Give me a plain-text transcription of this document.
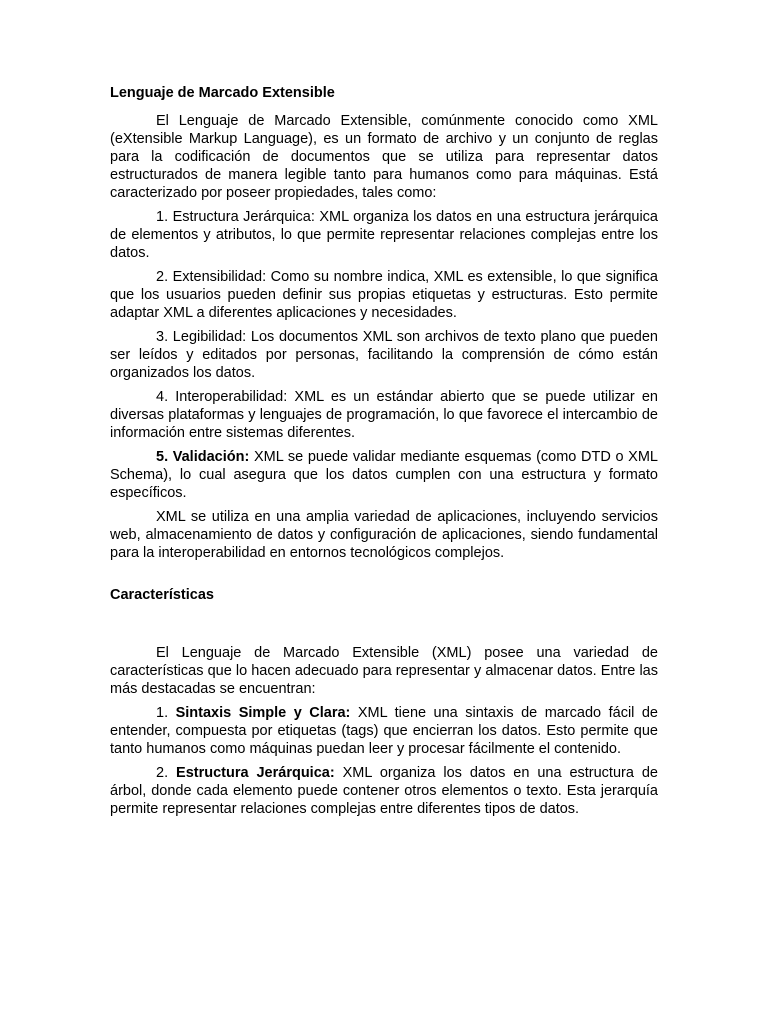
Lenguaje de Marcado Extensible

El Lenguaje de Marcado Extensible, comúnmente conocido como XML (eXtensible Markup Language), es un formato de archivo y un conjunto de reglas para la codificación de documentos que se utiliza para representar datos estructurados de manera legible tanto para humanos como para máquinas. Está caracterizado por poseer propiedades, tales como:

1. Estructura Jerárquica: XML organiza los datos en una estructura jerárquica de elementos y atributos, lo que permite representar relaciones complejas entre los datos.

2. Extensibilidad: Como su nombre indica, XML es extensible, lo que significa que los usuarios pueden definir sus propias etiquetas y estructuras. Esto permite adaptar XML a diferentes aplicaciones y necesidades.

3. Legibilidad: Los documentos XML son archivos de texto plano que pueden ser leídos y editados por personas, facilitando la comprensión de cómo están organizados los datos.

4. Interoperabilidad: XML es un estándar abierto que se puede utilizar en diversas plataformas y lenguajes de programación, lo que favorece el intercambio de información entre sistemas diferentes.

5. Validación: XML se puede validar mediante esquemas (como DTD o XML Schema), lo cual asegura que los datos cumplen con una estructura y formato específicos.

XML se utiliza en una amplia variedad de aplicaciones, incluyendo servicios web, almacenamiento de datos y configuración de aplicaciones, siendo fundamental para la interoperabilidad en entornos tecnológicos complejos.

Características

El Lenguaje de Marcado Extensible (XML) posee una variedad de características que lo hacen adecuado para representar y almacenar datos. Entre las más destacadas se encuentran:

1. Sintaxis Simple y Clara: XML tiene una sintaxis de marcado fácil de entender, compuesta por etiquetas (tags) que encierran los datos. Esto permite que tanto humanos como máquinas puedan leer y procesar fácilmente el contenido.

2. Estructura Jerárquica: XML organiza los datos en una estructura de árbol, donde cada elemento puede contener otros elementos o texto. Esta jerarquía permite representar relaciones complejas entre diferentes tipos de datos.
